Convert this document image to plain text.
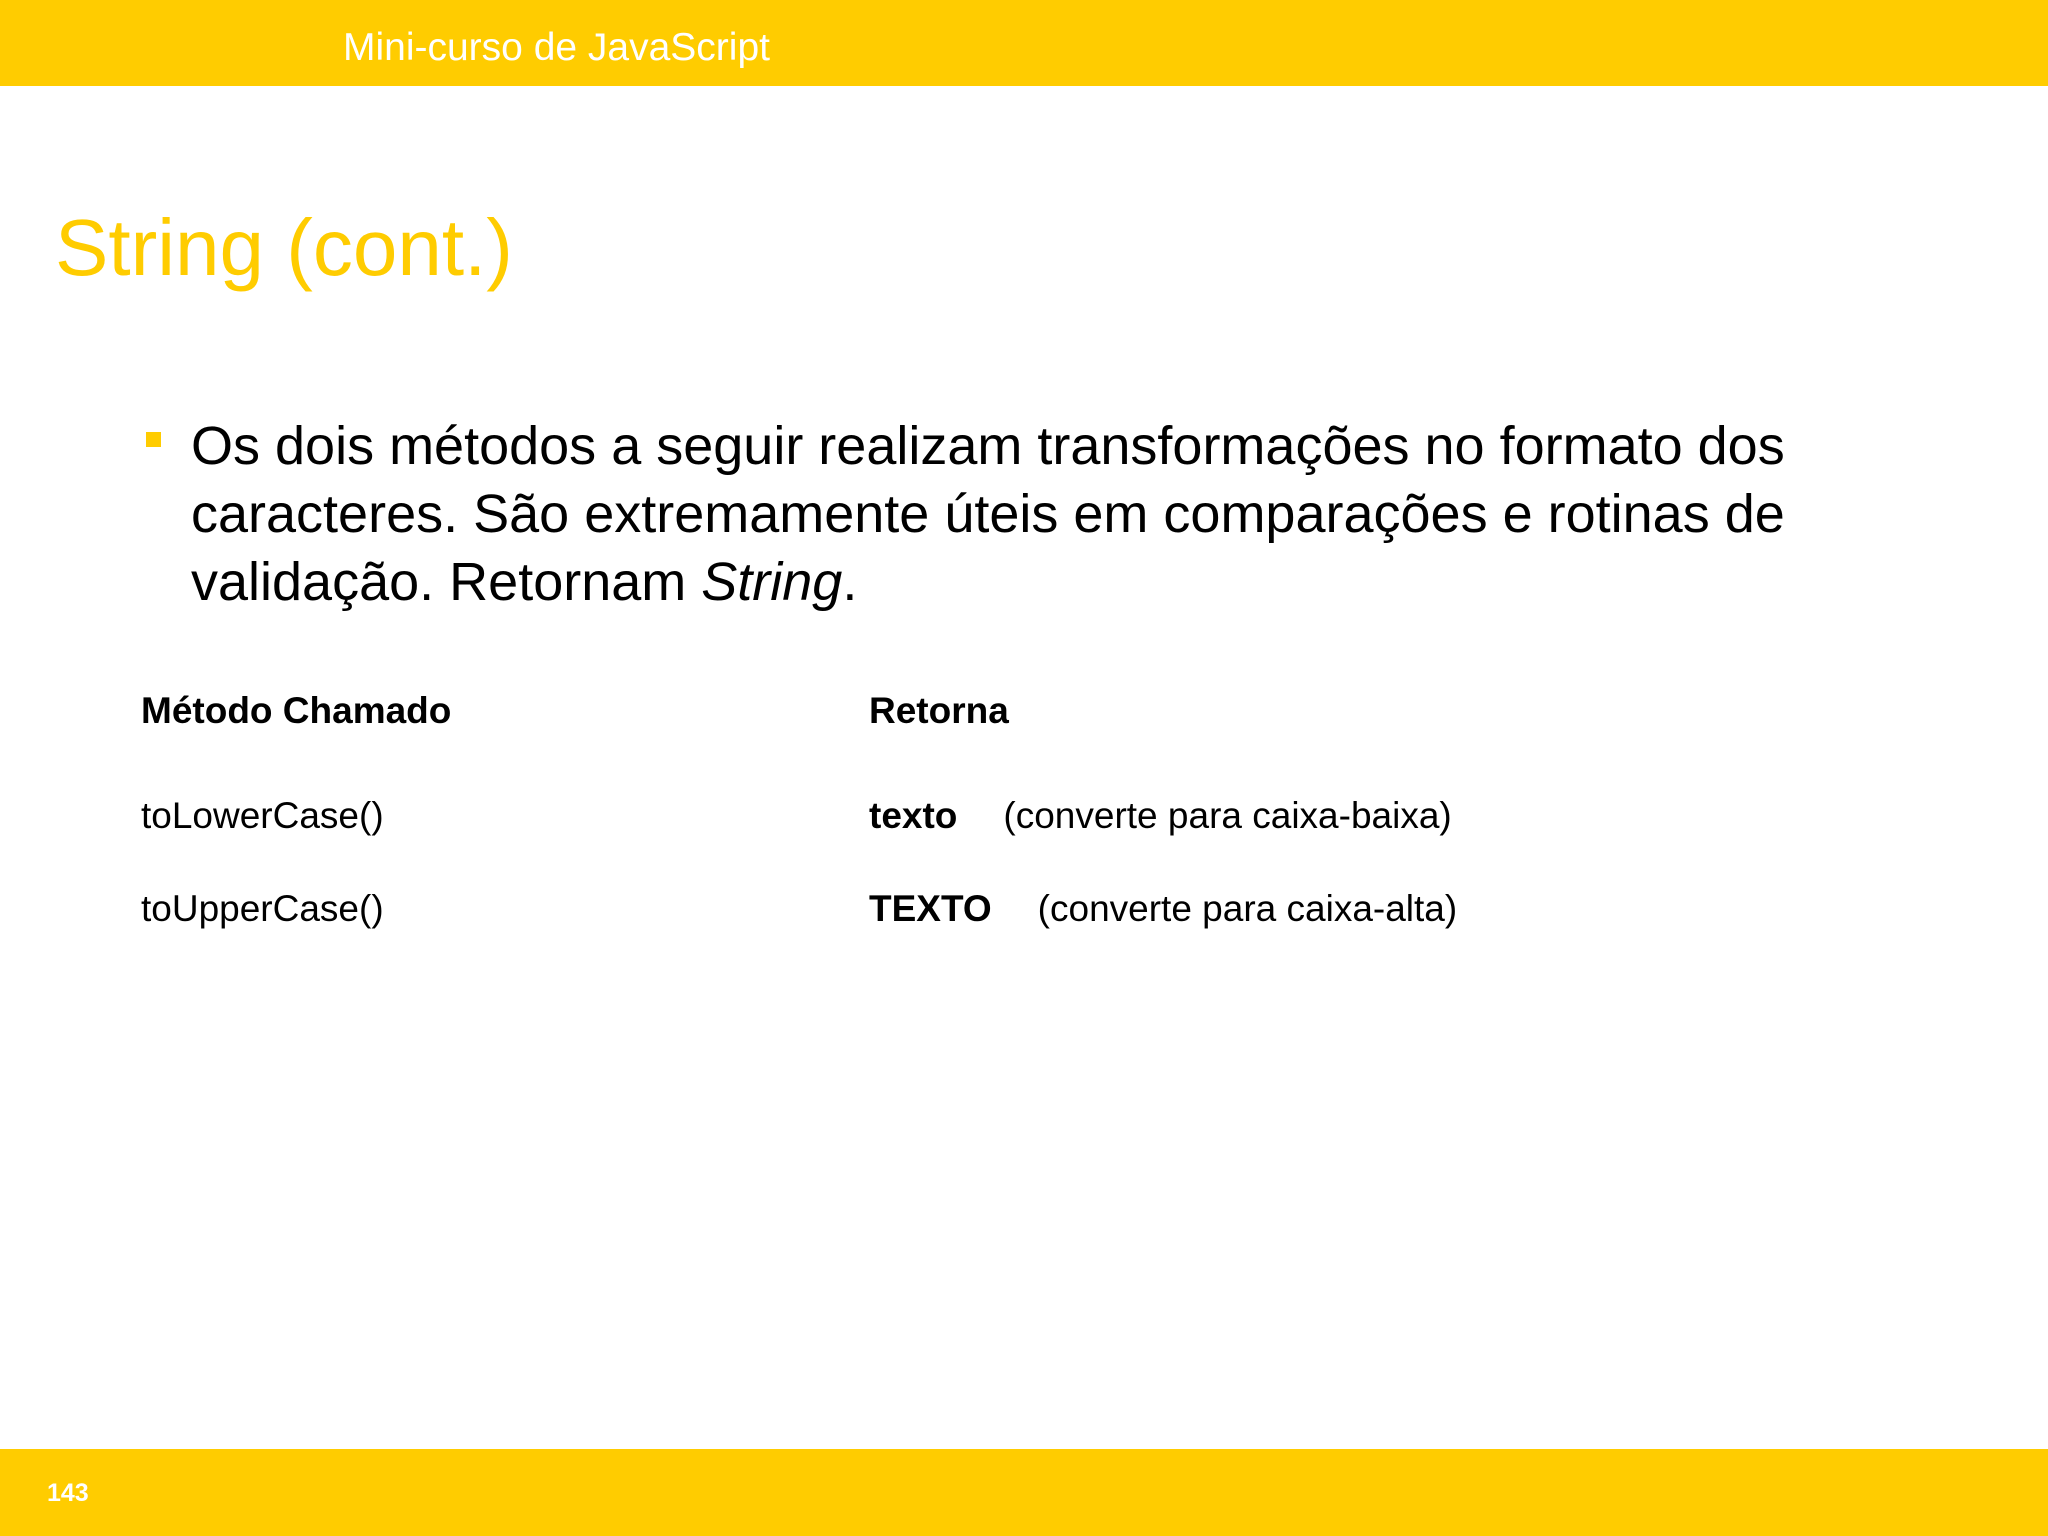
Mini-curso de JavaScript
String (cont.)
Os dois métodos a seguir realizam transformações no formato dos caracteres. São extremamente úteis em comparações e rotinas de validação. Retornam String.
Método Chamado	Retorna
toLowerCase()	texto (converte para caixa-baixa)
toUpperCase()	TEXTO (converte para caixa-alta)
143
